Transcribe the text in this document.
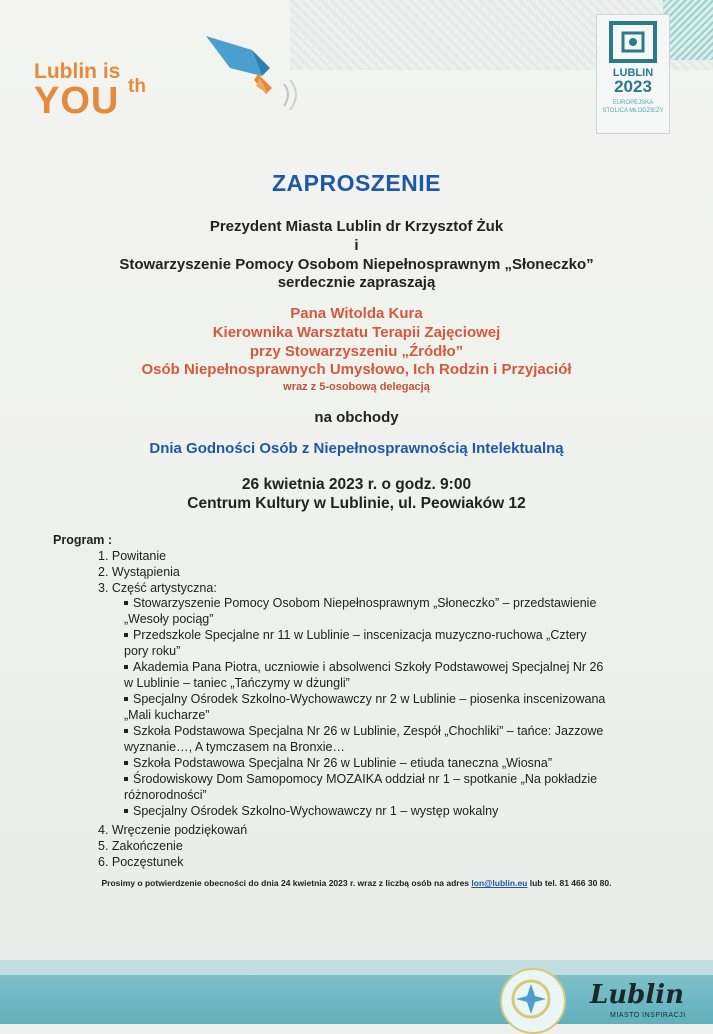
Lublin is
YOU th
LUBLIN
2023
EUROPEJSKA STOLICA MŁODZIEŻY
ZAPROSZENIE
Prezydent Miasta Lublin dr Krzysztof Żuk
i
Stowarzyszenie Pomocy Osobom Niepełnosprawnym „Słoneczko”
serdecznie zapraszają
Pana Witolda Kura
Kierownika Warsztatu Terapii Zajęciowej
przy Stowarzyszeniu „Źródło”
Osób Niepełnosprawnych Umysłowo, Ich Rodzin i Przyjaciół
wraz z 5-osobową delegacją
na obchody
Dnia Godności Osób z Niepełnosprawnością Intelektualną
26 kwietnia 2023 r. o godz. 9:00
Centrum Kultury w Lublinie, ul. Peowiaków 12
Program :
1. Powitanie
2. Wystąpienia
3. Część artystyczna:
Stowarzyszenie Pomocy Osobom Niepełnosprawnym „Słoneczko” – przedstawienie
„Wesoły pociąg”
Przedszkole Specjalne nr 11 w Lublinie – inscenizacja muzyczno-ruchowa „Cztery
pory roku”
Akademia Pana Piotra, uczniowie i absolwenci Szkoły Podstawowej Specjalnej Nr 26
w Lublinie – taniec „Tańczymy w dżungli”
Specjalny Ośrodek Szkolno-Wychowawczy nr 2 w Lublinie – piosenka inscenizowana
„Mali kucharze”
Szkoła Podstawowa Specjalna Nr 26 w Lublinie, Zespół „Chochliki” – tańce: Jazzowe
wyznanie…, A tymczasem na Bronxie…
Szkoła Podstawowa Specjalna Nr 26 w Lublinie – etiuda taneczna „Wiosna”
Środowiskowy Dom Samopomocy MOZAIKA oddział nr 1 – spotkanie „Na pokładzie
różnorodności”
Specjalny Ośrodek Szkolno-Wychowawczy nr 1 – występ wokalny
4. Wręczenie podziękowań
5. Zakończenie
6. Poczęstunek
Prosimy o potwierdzenie obecności do dnia 24 kwietnia 2023 r. wraz z liczbą osób na adres lon@lublin.eu lub tel. 81 466 30 80.
Lublin
MIASTO INSPIRACJI
